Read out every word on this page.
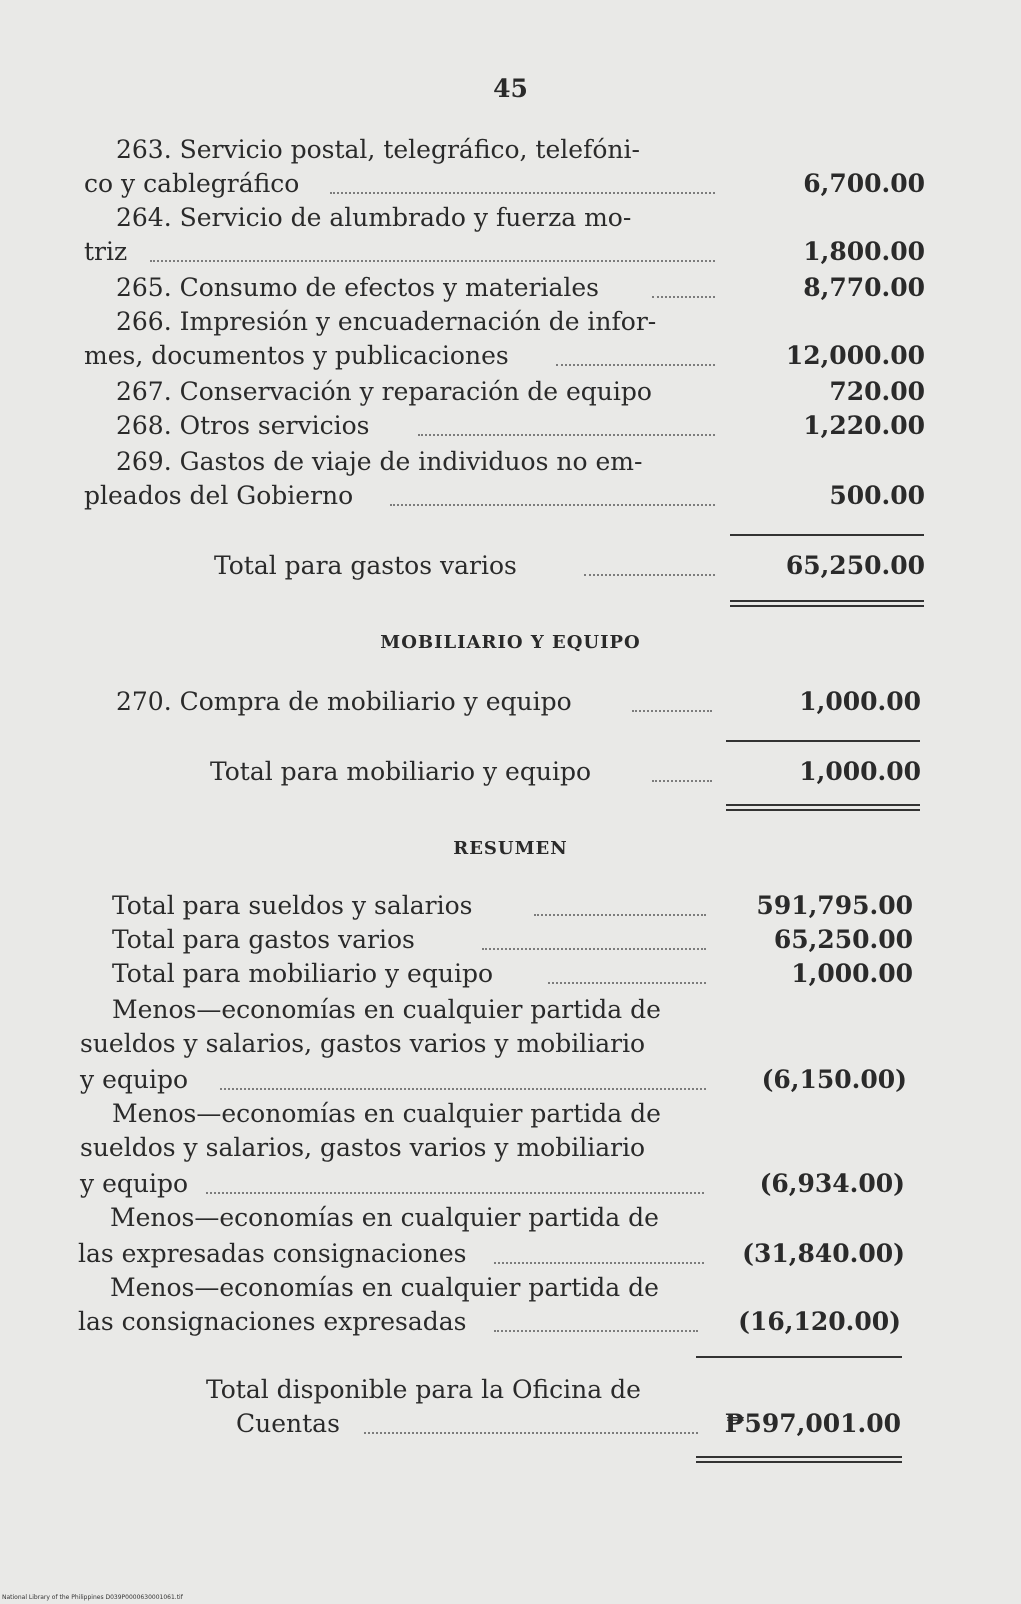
45
263. Servicio postal, telegráfico, telefóni-
co y cablegráfico	6,700.00
264. Servicio de alumbrado y fuerza mo-
triz	1,800.00
265. Consumo de efectos y materiales	8,770.00
266. Impresión y encuadernación de infor-
mes, documentos y publicaciones	12,000.00
267. Conservación y reparación de equipo	720.00
268. Otros servicios	1,220.00
269. Gastos de viaje de individuos no em-
pleados del Gobierno	500.00
Total para gastos varios	65,250.00
MOBILIARIO Y EQUIPO
270. Compra de mobiliario y equipo	1,000.00
Total para mobiliario y equipo	1,000.00
RESUMEN
Total para sueldos y salarios	591,795.00
Total para gastos varios	65,250.00
Total para mobiliario y equipo	1,000.00
Menos—economías en cualquier partida de
sueldos y salarios, gastos varios y mobiliario
y equipo	(6,150.00)
Menos—economías en cualquier partida de
sueldos y salarios, gastos varios y mobiliario
y equipo	(6,934.00)
Menos—economías en cualquier partida de
las expresadas consignaciones	(31,840.00)
Menos—economías en cualquier partida de
las consignaciones expresadas	(16,120.00)
Total disponible para la Oficina de
Cuentas	₱597,001.00
National Library of the Philippines D039P0000630001061.tif
